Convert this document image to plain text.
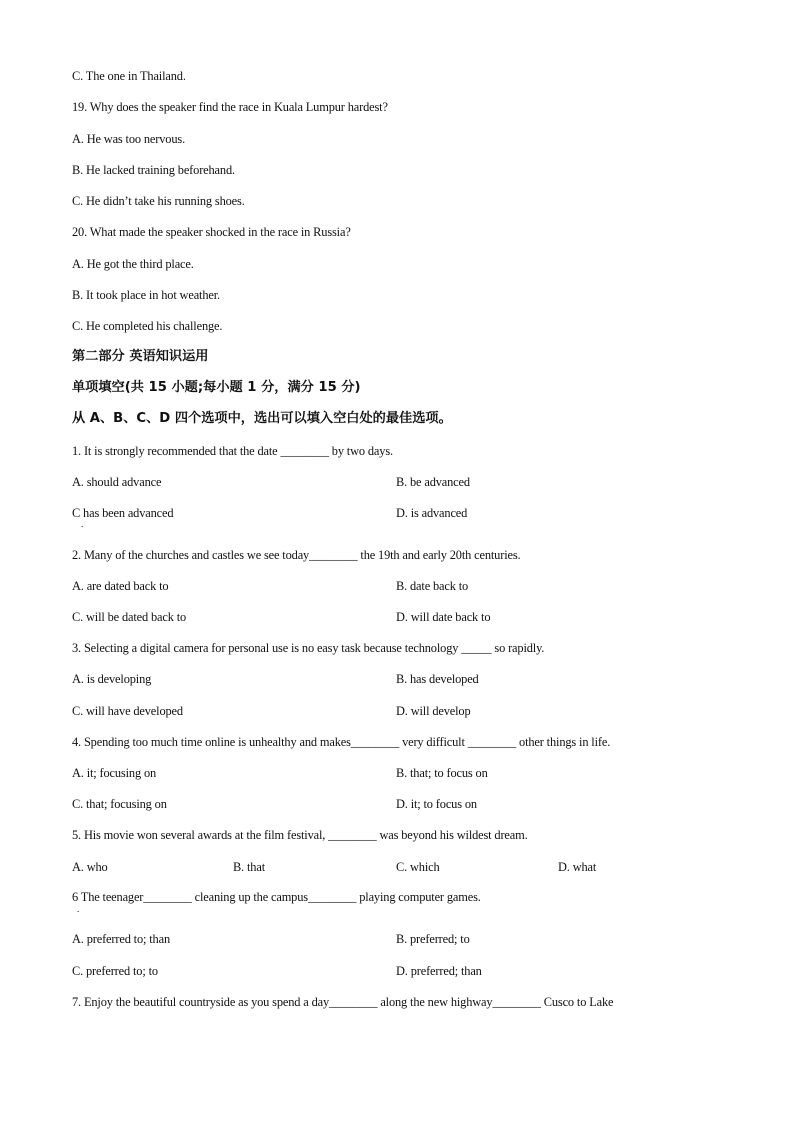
C. The one in Thailand.
19. Why does the speaker find the race in Kuala Lumpur hardest?
A. He was too nervous.
B. He lacked training beforehand.
C. He didn’t take his running shoes.
20. What made the speaker shocked in the race in Russia?
A. He got the third place.
B. It took place in hot weather.
C. He completed his challenge.
第二部分 英语知识运用
单项填空(共 15 小题;每小题 1 分，满分 15 分)
从 A、B、C、D 四个选项中，选出可以填入空白处的最佳选项。
1. It is strongly recommended that the date ________ by two days.
A. should advance	B. be advanced
C has been advanced	D. is advanced
.
2. Many of the churches and castles we see today________ the 19th and early 20th centuries.
A. are dated back to	B. date back to
C. will be dated back to	D. will date back to
3. Selecting a digital camera for personal use is no easy task because technology _____ so rapidly.
A. is developing	B. has developed
C. will have developed	D. will develop
4. Spending too much time online is unhealthy and makes________ very difficult ________ other things in life.
A. it; focusing on	B. that; to focus on
C. that; focusing on	D. it; to focus on
5. His movie won several awards at the film festival, ________ was beyond his wildest dream.
A. who	B. that	C. which	D. what
6 The teenager________ cleaning up the campus________ playing computer games.
.
A. preferred to; than	B. preferred; to
C. preferred to; to	D. preferred; than
7. Enjoy the beautiful countryside as you spend a day________ along the new highway________ Cusco to Lake
